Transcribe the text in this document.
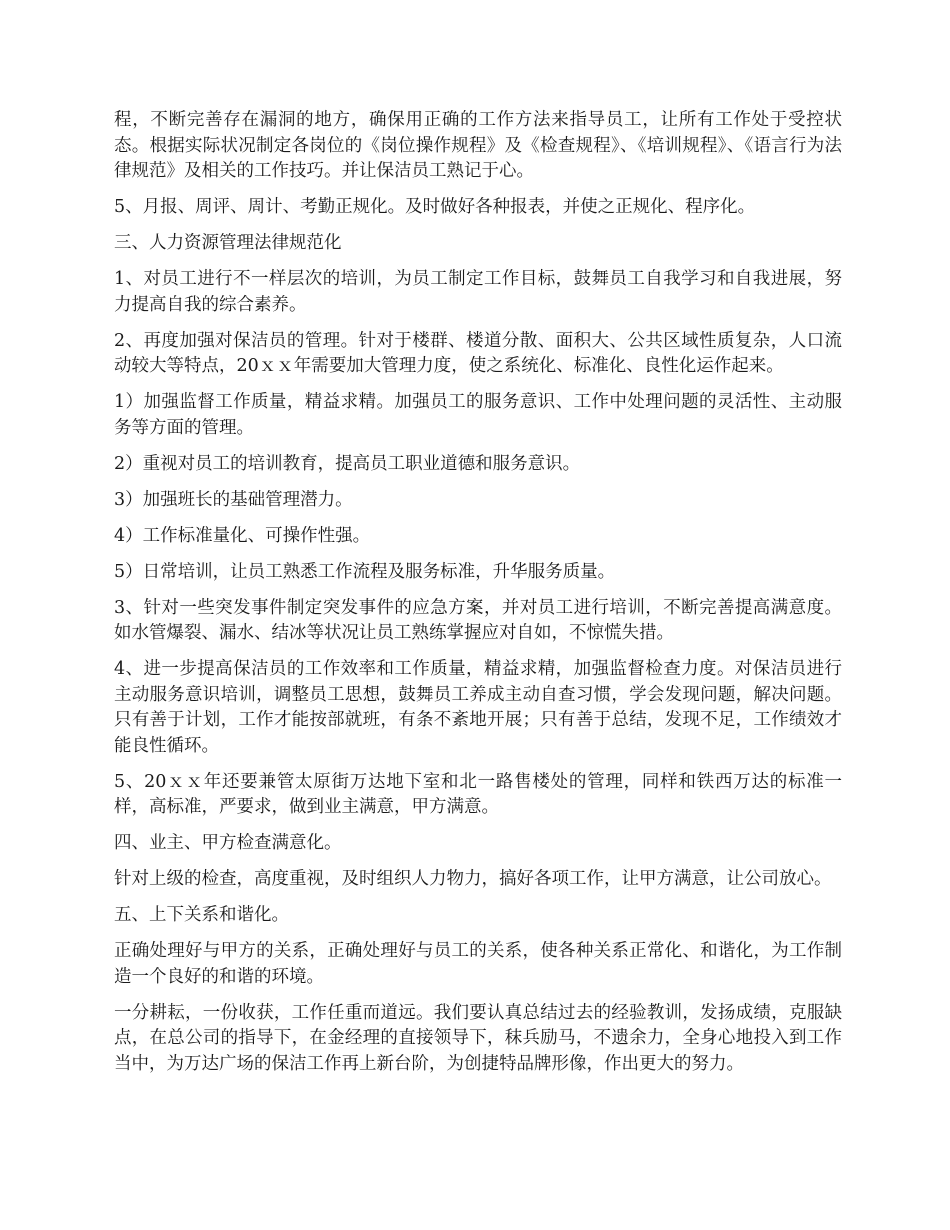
程，不断完善存在漏洞的地方，确保用正确的工作方法来指导员工，让所有工作处于受控状态。根据实际状况制定各岗位的《岗位操作规程》及《检查规程》、《培训规程》、《语言行为法律规范》及相关的工作技巧。并让保洁员工熟记于心。

5、月报、周评、周计、考勤正规化。及时做好各种报表，并使之正规化、程序化。

三、人力资源管理法律规范化

1、对员工进行不一样层次的培训，为员工制定工作目标，鼓舞员工自我学习和自我进展，努力提高自我的综合素养。

2、再度加强对保洁员的管理。针对于楼群、楼道分散、面积大、公共区域性质复杂，人口流动较大等特点，20ｘｘ年需要加大管理力度，使之系统化、标准化、良性化运作起来。

1）加强监督工作质量，精益求精。加强员工的服务意识、工作中处理问题的灵活性、主动服务等方面的管理。

2）重视对员工的培训教育，提高员工职业道德和服务意识。

3）加强班长的基础管理潜力。

4）工作标准量化、可操作性强。

5）日常培训，让员工熟悉工作流程及服务标准，升华服务质量。

3、针对一些突发事件制定突发事件的应急方案，并对员工进行培训，不断完善提高满意度。如水管爆裂、漏水、结冰等状况让员工熟练掌握应对自如，不惊慌失措。

4、进一步提高保洁员的工作效率和工作质量，精益求精，加强监督检查力度。对保洁员进行主动服务意识培训，调整员工思想，鼓舞员工养成主动自查习惯，学会发现问题，解决问题。只有善于计划，工作才能按部就班，有条不紊地开展；只有善于总结，发现不足，工作绩效才能良性循环。

5、20ｘｘ年还要兼管太原街万达地下室和北一路售楼处的管理，同样和铁西万达的标准一样，高标准，严要求，做到业主满意，甲方满意。

四、业主、甲方检查满意化。

针对上级的检查，高度重视，及时组织人力物力，搞好各项工作，让甲方满意，让公司放心。

五、上下关系和谐化。

正确处理好与甲方的关系，正确处理好与员工的关系，使各种关系正常化、和谐化，为工作制造一个良好的和谐的环境。

一分耕耘，一份收获，工作任重而道远。我们要认真总结过去的经验教训，发扬成绩，克服缺点，在总公司的指导下，在金经理的直接领导下，秣兵励马，不遗余力，全身心地投入到工作当中，为万达广场的保洁工作再上新台阶，为创捷特品牌形像，作出更大的努力。
